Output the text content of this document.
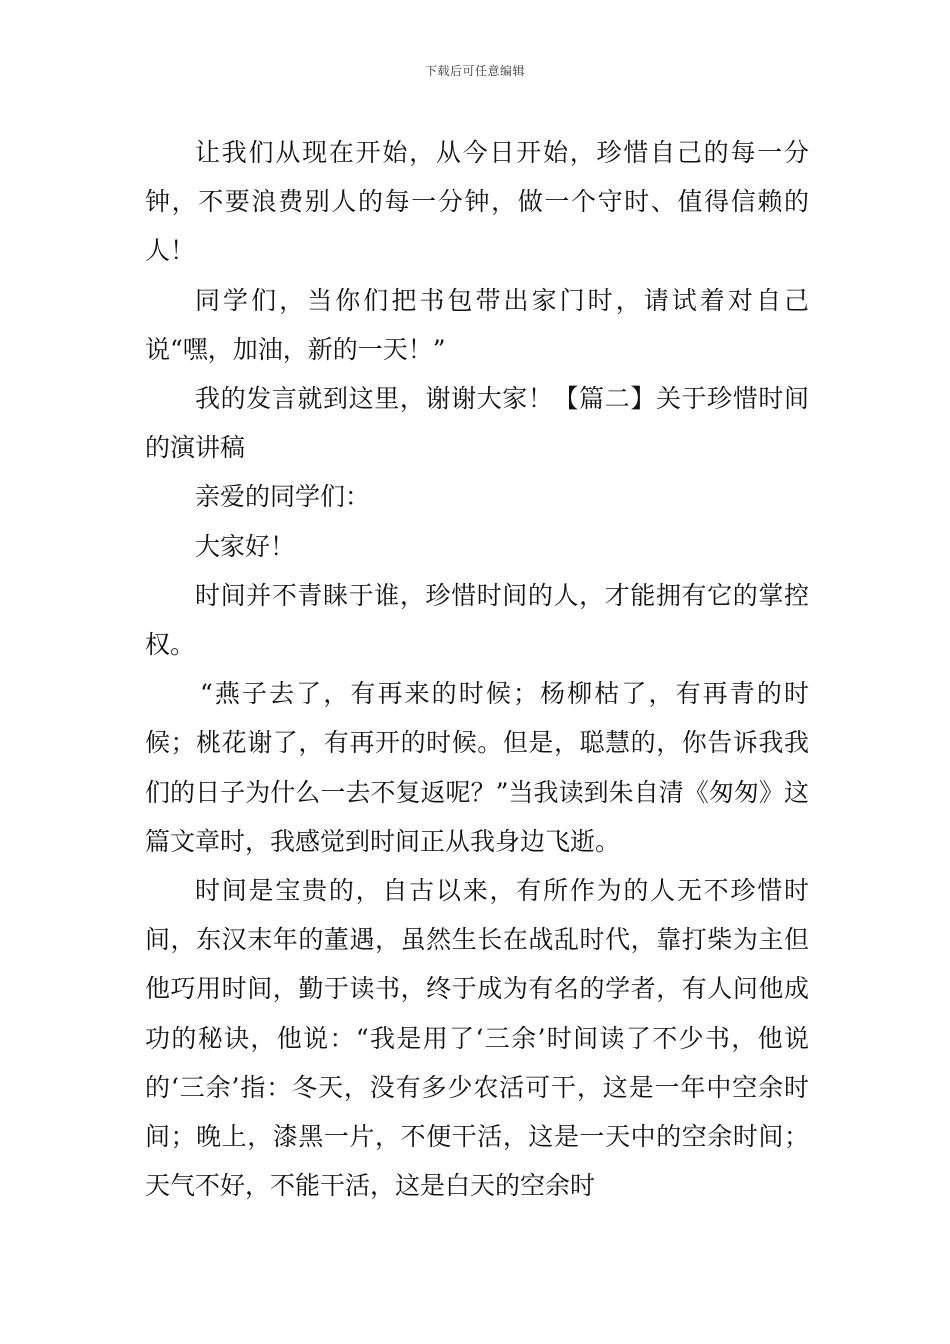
下载后可任意编辑

让我们从现在开始，从今日开始，珍惜自己的每一分钟，不要浪费别人的每一分钟，做一个守时、值得信赖的人！

同学们，当你们把书包带出家门时，请试着对自己说“嘿，加油，新的一天！”

我的发言就到这里，谢谢大家！【篇二】关于珍惜时间的演讲稿

亲爱的同学们：

大家好！

时间并不青睐于谁，珍惜时间的人，才能拥有它的掌控权。

“燕子去了，有再来的时候；杨柳枯了，有再青的时候；桃花谢了，有再开的时候。但是，聪慧的，你告诉我我们的日子为什么一去不复返呢？”当我读到朱自清《匆匆》这篇文章时，我感觉到时间正从我身边飞逝。

时间是宝贵的，自古以来，有所作为的人无不珍惜时间，东汉末年的董遇，虽然生长在战乱时代，靠打柴为主但他巧用时间，勤于读书，终于成为有名的学者，有人问他成功的秘诀，他说：“我是用了‘三余’时间读了不少书，他说的‘三余’指：冬天，没有多少农活可干，这是一年中空余时间；晚上，漆黑一片，不便干活，这是一天中的空余时间；天气不好，不能干活，这是白天的空余时
